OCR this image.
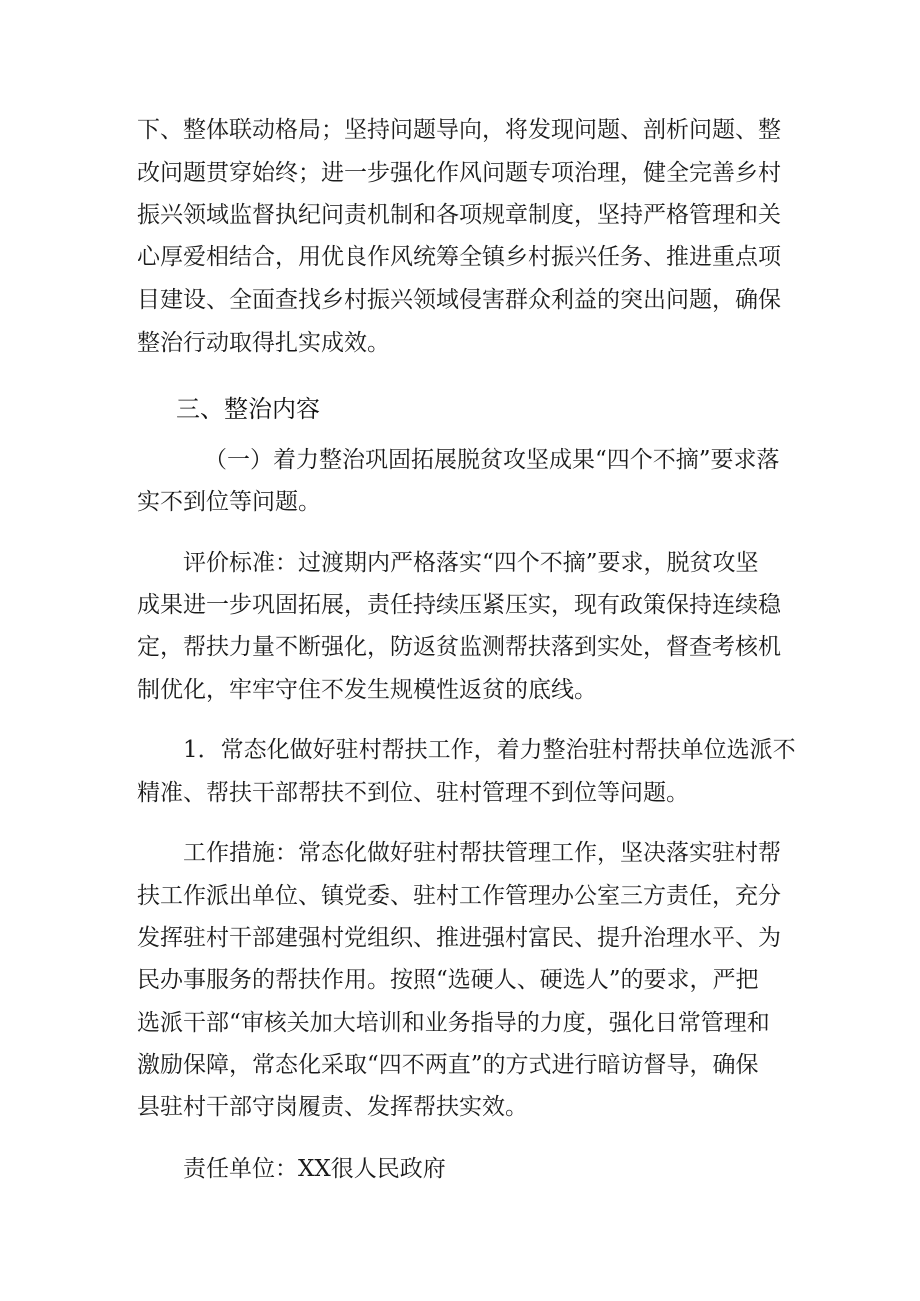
下、整体联动格局；坚持问题导向，将发现问题、剖析问题、整
改问题贯穿始终；进一步强化作风问题专项治理，健全完善乡村
振兴领域监督执纪问责机制和各项规章制度，坚持严格管理和关
心厚爱相结合，用优良作风统筹全镇乡村振兴任务、推进重点项
目建设、全面查找乡村振兴领域侵害群众利益的突出问题，确保
整治行动取得扎实成效。
三、整治内容
（一）着力整治巩固拓展脱贫攻坚成果“四个不摘”要求落
实不到位等问题。
评价标准：过渡期内严格落实“四个不摘”要求，脱贫攻坚
成果进一步巩固拓展，责任持续压紧压实，现有政策保持连续稳
定，帮扶力量不断强化，防返贫监测帮扶落到实处，督查考核机
制优化，牢牢守住不发生规模性返贫的底线。
1．常态化做好驻村帮扶工作，着力整治驻村帮扶单位选派不
精准、帮扶干部帮扶不到位、驻村管理不到位等问题。
工作措施：常态化做好驻村帮扶管理工作，坚决落实驻村帮
扶工作派出单位、镇党委、驻村工作管理办公室三方责任，充分
发挥驻村干部建强村党组织、推进强村富民、提升治理水平、为
民办事服务的帮扶作用。按照“选硬人、硬选人”的要求，严把
选派干部“审核关加大培训和业务指导的力度，强化日常管理和
激励保障，常态化采取“四不两直”的方式进行暗访督导，确保
县驻村干部守岗履责、发挥帮扶实效。
责任单位：XX很人民政府
